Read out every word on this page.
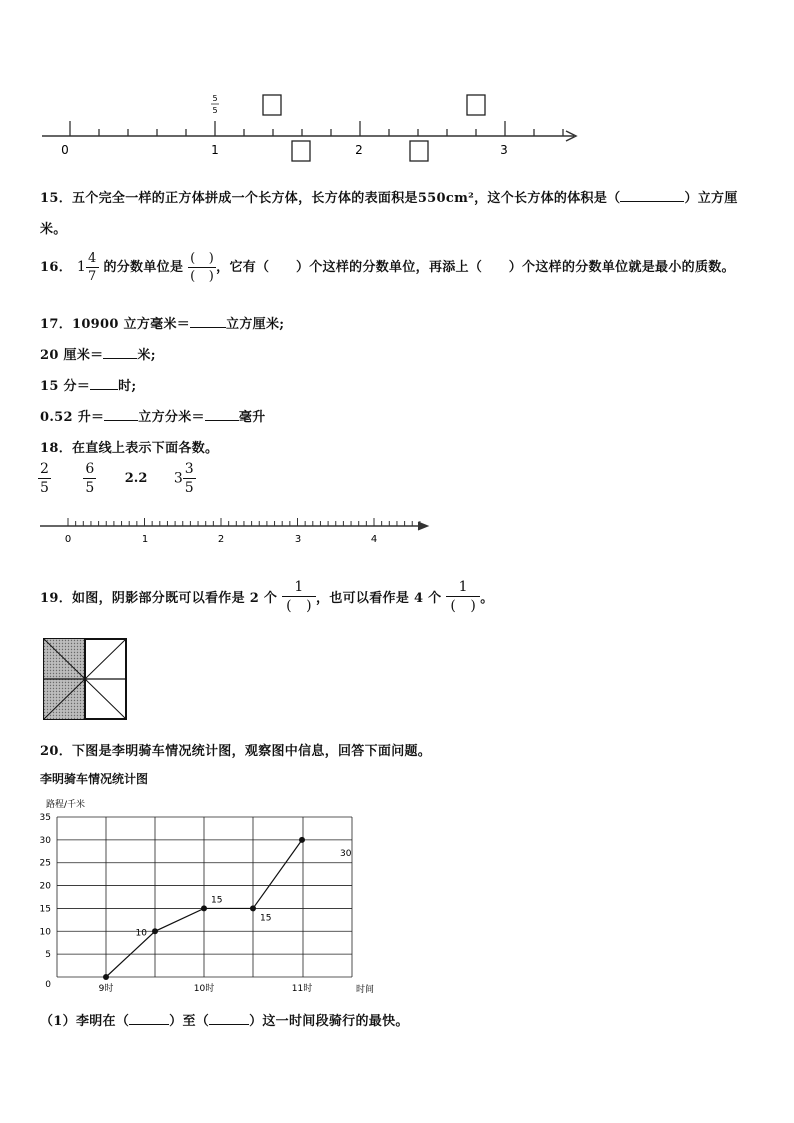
5
5
0	1	2	3
15．五个完全一样的正方体拼成一个长方体，长方体的表面积是550cm²，这个长方体的体积是（	）立方厘
米。
16． $1 \frac{4}{7}$ 的分数单位是 $\frac{( )}{( )}$ ，它有（　　）个这样的分数单位，再添上（　　）个这样的分数单位就是最小的质数。
17．10900 立方毫米＝	立方厘米;
20 厘米＝	米;
15 分＝ 时;
0.52 升＝	立方分米＝	毫升
18．在直线上表示下面各数。
$\frac{2}{5}$
$\frac{6}{5} 2.2$ $3 \frac{3}{5}$
0	1	2	3	4
19．如图，阴影部分既可以看作是 2 个 $\frac{1}{( )}$ ，也可以看作是 4 个 $\frac{1}{( )}$ 。
20．下图是李明骑车情况统计图，观察图中信息，回答下面问题。
李明骑车情况统计图
0
5
10
15
20
25
30
35
9时	10时	11时
10
15
15
30
路程/千米
时间
（1）李明在（	）至（	）这一时间段骑行的最快。
